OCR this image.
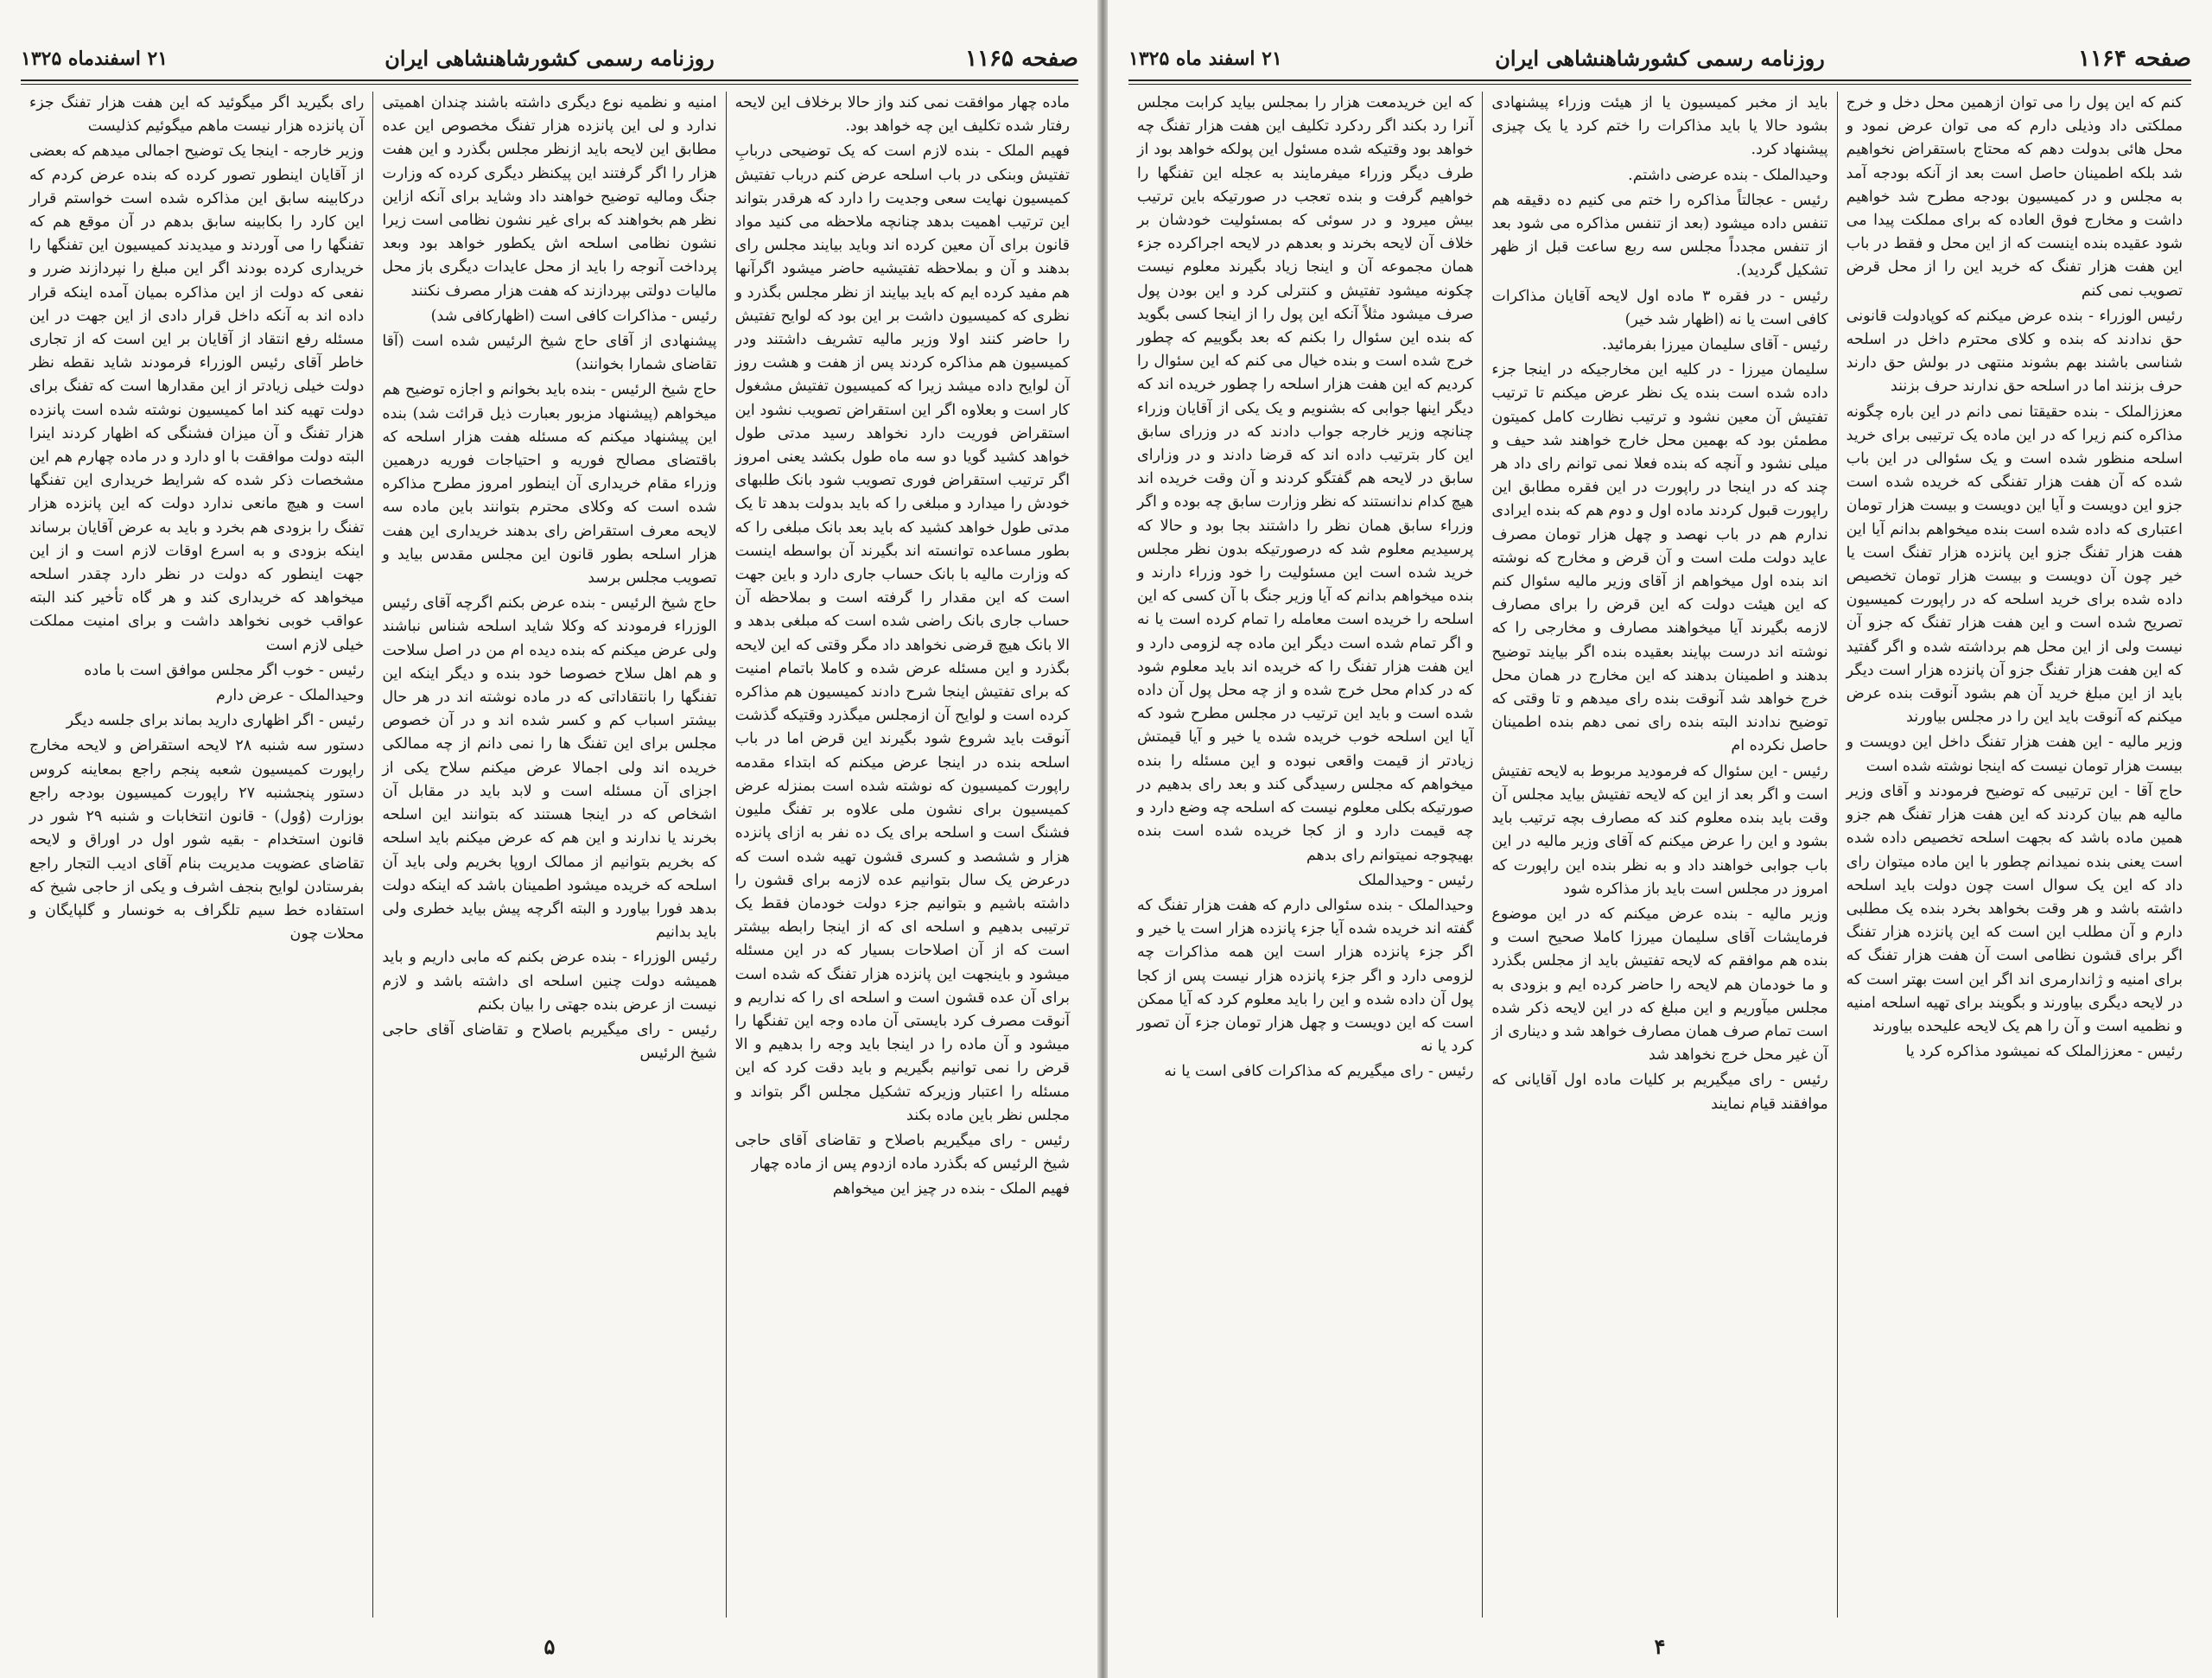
صفحه ۱۱۶۵
روزنامه رسمی کشورشاهنشاهی ایران
۲۱ اسفندماه ۱۳۲۵

ماده چهار موافقت نمی کند واز حالا برخلاف این لایحه رفتار شده تکلیف این چه خواهد بود.

فهیم الملک - بنده لازم است که یک توضیحی دربابِ تفتیش وبنکی در باب اسلحه عرض کنم درباب تفتیش کمیسیون نهایت سعی وجدیت را دارد که هرقدر بتواند این ترتیب اهمیت بدهد چنانچه ملاحظه می کنید مواد قانون برای آن معین کرده اند وباید بیایند مجلس رای بدهند و آن و بملاحظه تفتیشیه حاضر میشود اگرآنها هم مفید کرده ایم که باید بیایند از نظر مجلس بگذرد و نظری که کمیسیون داشت بر این بود که لوایح تفتیش را حاضر کنند اولا وزیر مالیه تشریف داشتند ودر کمیسیون هم مذاکره کردند پس از هفت و هشت روز آن لوایح داده میشد زیرا که کمیسیون تفتیش مشغول کار است و بعلاوه اگر این استقراض تصویب نشود این استقراض فوریت دارد نخواهد رسید مدتی طول خواهد کشید گویا دو سه ماه طول بکشد یعنی امروز اگر ترتیب استقراض فوری تصویب شود بانک طلبهای خودش را میدارد و مبلغی را که باید بدولت بدهد تا یک مدتی طول خواهد کشید که باید بعد بانک مبلغی را که بطور مساعده توانسته اند بگیرند آن بواسطه اینست که وزارت مالیه با بانک حساب جاری دارد و باین جهت است که این مقدار را گرفته است و بملاحظه آن حساب جاری بانک راضی شده است که مبلغی بدهد و الا بانک هیچ قرضی نخواهد داد مگر وقتی که این لایحه بگذرد و این مسئله عرض شده و کاملا باتمام امنیت که برای تفتیش اینجا شرح دادند کمیسیون هم مذاکره کرده است و لوایح آن ازمجلس میگذرد وقتیکه گذشت آنوقت باید شروع شود بگیرند این قرض اما در باب اسلحه بنده در اینجا عرض میکنم که ابتداء مقدمه راپورت کمیسیون که نوشته شده است بمنزله عرض کمیسیون برای نشون ملی علاوه بر تفنگ ملیون فشنگ است و اسلحه برای یک ده نفر به ازای پانزده هزار و ششصد و کسری قشون تهیه شده است که درعرض یک سال بتوانیم عده لازمه برای قشون را داشته باشیم و بتوانیم جزء دولت خودمان فقط یک ترتیبی بدهیم و اسلحه ای که از اینجا رابطه بیشتر است که از آن اصلاحات بسیار که در این مسئله میشود و باینجهت این پانزده هزار تفنگ که شده است برای آن عده قشون است و اسلحه ای را که نداریم و آنوقت مصرف کرد بایستی آن ماده وجه این تفنگها را میشود و آن ماده را در اینجا باید وجه را بدهیم و الا قرض را نمی توانیم بگیریم و باید دقت کرد که این مسئله را اعتبار وزیرکه تشکیل مجلس اگر بتواند و مجلس نظر باین ماده بکند

رئیس - رای میگیریم باصلاح و تقاضای آقای حاجی شیخ الرئیس که بگذرد ماده ازدوم پس از ماده چهار

فهیم الملک - بنده در چیز این میخواهم

امنیه و نظمیه نوع دیگری داشته باشند چندان اهمیتی ندارد و لی این پانزده هزار تفنگ مخصوص این عده مطابق این لایحه باید ازنظر مجلس بگذرد و این هفت هزار را اگر گرفتند این پیکنظر دیگری کرده که وزارت جنگ ومالیه توضیح خواهند داد وشاید برای آنکه ازاین نظر هم بخواهند که برای غیر نشون نظامی است زیرا نشون نظامی اسلحه اش یکطور خواهد بود وبعد پرداخت آنوجه را باید از محل عایدات دیگری باز محل مالیات دولتی بپردازند که هفت هزار مصرف نکنند

رئیس - مذاکرات کافی است (اظهارکافی شد)

پیشنهادی از آقای حاج شیخ الرئیس شده است (آقا تقاضای شمارا بخوانند)

حاج شیخ الرئیس - بنده باید بخوانم و اجازه توضیح هم میخواهم (پیشنهاد مزبور بعبارت ذیل قرائت شد) بنده این پیشنهاد میکنم که مسئله هفت هزار اسلحه که باقتضای مصالح فوریه و احتیاجات فوریه درهمین وزراء مقام خریداری آن اینطور امروز مطرح مذاکره شده است که وکلای محترم بتوانند باین ماده سه لایحه معرف استقراض رای بدهند خریداری این هفت هزار اسلحه بطور قانون این مجلس مقدس بیاید و تصویب مجلس برسد

حاج شیخ الرئیس - بنده عرض بکنم اگرچه آقای رئیس الوزراء فرمودند که وکلا شاید اسلحه شناس نباشند ولی عرض میکنم که بنده دیده ام من در اصل سلاحت و هم اهل سلاح خصوصا خود بنده و دیگر اینکه این تفنگها را بانتقاداتی که در ماده نوشته اند در هر حال بیشتر اسباب کم و کسر شده اند و در آن خصوص مجلس برای این تفنگ ها را نمی دانم از چه ممالکی خریده اند ولی اجمالا عرض میکنم سلاح یکی از اجزای آن مسئله است و لابد باید در مقابل آن اشخاص که در اینجا هستند که بتوانند این اسلحه بخرند یا ندارند و این هم که عرض میکنم باید اسلحه که بخریم بتوانیم از ممالک اروپا بخریم ولی باید آن اسلحه که خریده میشود اطمینان باشد که اینکه دولت بدهد فورا بیاورد و البته اگرچه پیش بیاید خطری ولی باید بدانیم

رئیس الوزراء - بنده عرض بکنم که مابی داریم و باید همیشه دولت چنین اسلحه ای داشته باشد و لازم نیست از عرض بنده جهتی را بیان بکنم

رئیس - رای میگیریم باصلاح و تقاضای آقای حاجی شیخ الرئیس

رای بگیرید اگر میگوئید که این هفت هزار تفنگ جزء آن پانزده هزار نیست ماهم میگوئیم کذلیست

وزیر خارجه - اینجا یک توضیح اجمالی میدهم که بعضی از آقایان اینطور تصور کرده که بنده عرض کردم که درکابینه سابق این مذاکره شده است خواستم قرار این کارد را بکابینه سابق بدهم در آن موقع هم که تفنگها را می آوردند و میدیدند کمیسیون این تفنگها را خریداری کرده بودند اگر این مبلغ را نپردازند ضرر و نفعی که دولت از این مذاکره بمیان آمده اینکه قرار داده اند به آنکه داخل قرار دادی از این جهت در این مسئله رفع انتقاد از آقایان بر این است که از تجاری خاطر آقای رئیس الوزراء فرمودند شاید نقطه نظر دولت خیلی زیادتر از این مقدارها است که تفنگ برای دولت تهیه کند اما کمیسیون نوشته شده است پانزده هزار تفنگ و آن میزان فشنگی که اظهار کردند اینرا البته دولت موافقت با او دارد و در ماده چهارم هم این مشخصات ذکر شده که شرایط خریداری این تفنگها است و هیچ مانعی ندارد دولت که این پانزده هزار تفنگ را بزودی هم بخرد و باید به عرض آقایان برساند اینکه بزودی و به اسرع اوقات لازم است و از این جهت اینطور که دولت در نظر دارد چقدر اسلحه میخواهد که خریداری کند و هر گاه تأخیر کند البته عواقب خوبی نخواهد داشت و برای امنیت مملکت خیلی لازم است

رئیس - خوب اگر مجلس موافق است با ماده

وحیدالملک - عرض دارم

رئیس - اگر اظهاری دارید بماند برای جلسه دیگر

دستور سه شنبه ۲۸ لایحه استقراض و لایحه مخارج راپورت کمیسیون شعبه پنجم راجع بمعاینه کروس دستور پنجشنبه ۲۷ راپورت کمیسیون بودجه راجع بوزارت (وُول) - قانون انتخابات و شنبه ۲۹ شور در قانون استخدام - بقیه شور اول در اوراق و لایحه تقاضای عضویت مدیریت بنام آقای ادیب التجار راجع بفرستادن لوایح بنجف اشرف و یکی از حاجی شیخ که استفاده خط سیم تلگراف به خونسار و گلپایگان و محلات چون

۵
صفحه ۱۱۶۴
روزنامه رسمی کشورشاهنشاهی ایران
۲۱ اسفند ماه ۱۳۲۵

کنم که این پول را می توان ازهمین محل دخل و خرج مملکتی داد وذیلی دارم که می توان عرض نمود و محل هائی بدولت دهم که محتاج باستقراض نخواهیم شد بلکه اطمینان حاصل است بعد از آنکه بودجه آمد به مجلس و در کمیسیون بودجه مطرح شد خواهیم داشت و مخارج فوق العاده که برای مملکت پیدا می شود عقیده بنده اینست که از این محل و فقط در باب این هفت هزار تفنگ که خرید این را از محل قرض تصویب نمی کنم

رئیس الوزراء - بنده عرض میکنم که کوپادولت قانونی حق ندادند که بنده و کلای محترم داخل در اسلحه شناسی باشند بهم بشوند منتهی در بولش حق دارند حرف بزنند اما در اسلحه حق ندارند حرف بزنند

معززالملک - بنده حقیقتا نمی دانم در این باره چگونه مذاکره کنم زیرا که در این ماده یک ترتیبی برای خرید اسلحه منظور شده است و یک سئوالی در این باب شده که آن هفت هزار تفنگی که خریده شده است جزو این دویست و آیا این دویست و بیست هزار تومان اعتباری که داده شده است بنده میخواهم بدانم آیا این هفت هزار تفنگ جزو این پانزده هزار تفنگ است یا خیر چون آن دویست و بیست هزار تومان تخصیص داده شده برای خرید اسلحه که در راپورت کمیسیون تصریح شده است و این هفت هزار تفنگ که جزو آن نیست ولی از این محل هم برداشته شده و اگر گفتید که این هفت هزار تفنگ جزو آن پانزده هزار است دیگر باید از این مبلغ خرید آن هم بشود آنوقت بنده عرض میکنم که آنوقت باید این را در مجلس بیاورند

وزیر مالیه - این هفت هزار تفنگ داخل این دویست و بیست هزار تومان نیست که اینجا نوشته شده است

حاج آقا - این ترتیبی که توضیح فرمودند و آقای وزیر مالیه هم بیان کردند که این هفت هزار تفنگ هم جزو همین ماده باشد که بجهت اسلحه تخصیص داده شده است یعنی بنده نمیدانم چطور با این ماده میتوان رای داد که این یک سوال است چون دولت باید اسلحه داشته باشد و هر وقت بخواهد بخرد بنده یک مطلبی دارم و آن مطلب این است که این پانزده هزار تفنگ اگر برای قشون نظامی است آن هفت هزار تفنگ که برای امنیه و ژاندارمری اند اگر این است بهتر است که در لایحه دیگری بیاورند و بگویند برای تهیه اسلحه امنیه و نظمیه است و آن را هم یک لایحه علیحده بیاورند

رئیس - معززالملک که نمیشود مذاکره کرد یا

باید از مخبر کمیسیون یا از هیئت وزراء پیشنهادی بشود حالا یا باید مذاکرات را ختم کرد یا یک چیزی پیشنهاد کرد.

وحیدالملک - بنده عرضی داشتم.

رئیس - عجالتاً مذاکره را ختم می کنیم ده دقیقه هم تنفس داده میشود (بعد از تنفس مذاکره می شود بعد از تنفس مجدداً مجلس سه ربع ساعت قبل از ظهر تشکیل گردید).

رئیس - در فقره ۳ ماده اول لایحه آقایان مذاکرات کافی است یا نه (اظهار شد خیر)

رئیس - آقای سلیمان میرزا بفرمائید.

سلیمان میرزا - در کلیه این مخارجیکه در اینجا جزء داده شده است بنده یک نظر عرض میکنم تا ترتیب تفتیش آن معین نشود و ترتیب نظارت کامل کمیتون مطمئن بود که بهمین محل خارج خواهند شد حیف و میلی نشود و آنچه که بنده فعلا نمی توانم رای داد هر چند که در اینجا در راپورت در این فقره مطابق این راپورت قبول کردند ماده اول و دوم هم که بنده ایرادی ندارم هم در باب نهصد و چهل هزار تومان مصرف عاید دولت ملت است و آن قرض و مخارج که نوشته اند بنده اول میخواهم از آقای وزیر مالیه سئوال کنم که این هیئت دولت که این قرض را برای مصارف لازمه بگیرند آیا میخواهند مصارف و مخارجی را که نوشته اند درست بپایند بعقیده بنده اگر بیایند توضیح بدهند و اطمینان بدهند که این مخارج در همان محل خرج خواهد شد آنوقت بنده رای میدهم و تا وقتی که توضیح ندادند البته بنده رای نمی دهم بنده اطمینان حاصل نکرده ام

رئیس - این سئوال که فرمودید مربوط به لایحه تفتیش است و اگر بعد از این که لایحه تفتیش بیاید مجلس آن وقت باید بنده معلوم کند که مصارف بچه ترتیب باید بشود و این را عرض میکنم که آقای وزیر مالیه در این باب جوابی خواهند داد و به نظر بنده این راپورت که امروز در مجلس است باید باز مذاکره شود

وزیر مالیه - بنده عرض میکنم که در این موضوع فرمایشات آقای سلیمان میرزا کاملا صحیح است و بنده هم موافقم که لایحه تفتیش باید از مجلس بگذرد و ما خودمان هم لایحه را حاضر کرده ایم و بزودی به مجلس میآوریم و این مبلغ که در این لایحه ذکر شده است تمام صرف همان مصارف خواهد شد و دیناری از آن غیر محل خرج نخواهد شد

رئیس - رای میگیریم بر کلیات ماده اول آقایانی که موافقند قیام نمایند

که این خریدمعت هزار را بمجلس بیاید کرابت مجلس آنرا رد بکند اگر ردکرد تکلیف این هفت هزار تفنگ چه خواهد بود وقتیکه شده مسئول این پولکه خواهد بود از طرف دیگر وزراء میفرمایند به عجله این تفنگها را خواهیم گرفت و بنده تعجب در صورتیکه باین ترتیب بیش میرود و در سوئی که بمسئولیت خودشان بر خلاف آن لایحه بخرند و بعدهم در لایحه اجراکرده جزء همان مجموعه آن و اینجا زیاد بگیرند معلوم نیست چکونه میشود تفتیش و کنترلی کرد و این بودن پول صرف میشود مثلاً آنکه این پول را از اینجا کسی بگوید که بنده این سئوال را بکنم که بعد بگوییم که چطور خرج شده است و بنده خیال می کنم که این سئوال را کردیم که این هفت هزار اسلحه را چطور خریده اند که دیگر اینها جوابی که بشنویم و یک یکی از آقایان وزراء چنانچه وزیر خارجه جواب دادند که در وزرای سابق این کار بترتیب داده اند که قرضا دادند و در وزارای سابق در لایحه هم گفتگو کردند و آن وقت خریده اند هیچ کدام ندانستند که نظر وزارت سابق چه بوده و اگر وزراء سابق همان نظر را داشتند بجا بود و حالا که پرسیدیم معلوم شد که درصورتیکه بدون نظر مجلس خرید شده است این مسئولیت را خود وزراء دارند و بنده میخواهم بدانم که آیا وزیر جنگ با آن کسی که این اسلحه را خریده است معامله را تمام کرده است یا نه و اگر تمام شده است دیگر این ماده چه لزومی دارد و این هفت هزار تفنگ را که خریده اند باید معلوم شود که در کدام محل خرج شده و از چه محل پول آن داده شده است و باید این ترتیب در مجلس مطرح شود که آیا این اسلحه خوب خریده شده یا خیر و آیا قیمتش زیادتر از قیمت واقعی نبوده و این مسئله را بنده میخواهم که مجلس رسیدگی کند و بعد رای بدهیم در صورتیکه بکلی معلوم نیست که اسلحه چه وضع دارد و چه قیمت دارد و از کجا خریده شده است بنده بهیچوجه نمیتوانم رای بدهم

رئیس - وحیدالملک

وحیدالملک - بنده سئوالی دارم که هفت هزار تفنگ که گفته اند خریده شده آیا جزء پانزده هزار است یا خیر و اگر جزء پانزده هزار است این همه مذاکرات چه لزومی دارد و اگر جزء پانزده هزار نیست پس از کجا پول آن داده شده و این را باید معلوم کرد که آیا ممکن است که این دویست و چهل هزار تومان جزء آن تصور کرد یا نه

رئیس - رای میگیریم که مذاکرات کافی است یا نه

۴
